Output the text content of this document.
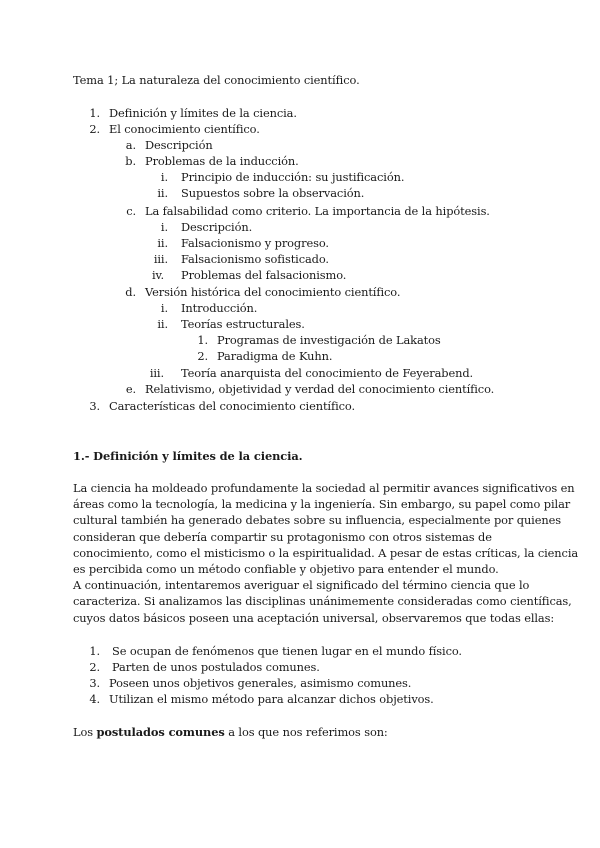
Tema 1; La naturaleza del conocimiento científico.
1. Definición y límites de la ciencia.
2. El conocimiento científico.
a. Descripción
b. Problemas de la inducción.
i. Principio de inducción: su justificación.
ii. Supuestos sobre la observación.
c. La falsabilidad como criterio. La importancia de la hipótesis.
i. Descripción.
ii. Falsacionismo y progreso.
iii. Falsacionismo sofisticado.
iv. Problemas del falsacionismo.
d. Versión histórica del conocimiento científico.
i. Introducción.
ii. Teorías estructurales.
1. Programas de investigación de Lakatos
2. Paradigma de Kuhn.
iii. Teoría anarquista del conocimiento de Feyerabend.
e. Relativismo, objetividad y verdad del conocimiento científico.
3. Características del conocimiento científico.
1.- Definición y límites de la ciencia.
La ciencia ha moldeado profundamente la sociedad al permitir avances significativos en
áreas como la tecnología, la medicina y la ingeniería. Sin embargo, su papel como pilar
cultural también ha generado debates sobre su influencia, especialmente por quienes
consideran que debería compartir su protagonismo con otros sistemas de
conocimiento, como el misticismo o la espiritualidad. A pesar de estas críticas, la ciencia
es percibida como un método confiable y objetivo para entender el mundo.
A continuación, intentaremos averiguar el significado del término ciencia que lo
caracteriza. Si analizamos las disciplinas unánimemente consideradas como científicas,
cuyos datos básicos poseen una aceptación universal, observaremos que todas ellas:
1. Se ocupan de fenómenos que tienen lugar en el mundo físico.
2. Parten de unos postulados comunes.
3. Poseen unos objetivos generales, asimismo comunes.
4. Utilizan el mismo método para alcanzar dichos objetivos.
Los postulados comunes a los que nos referimos son:
